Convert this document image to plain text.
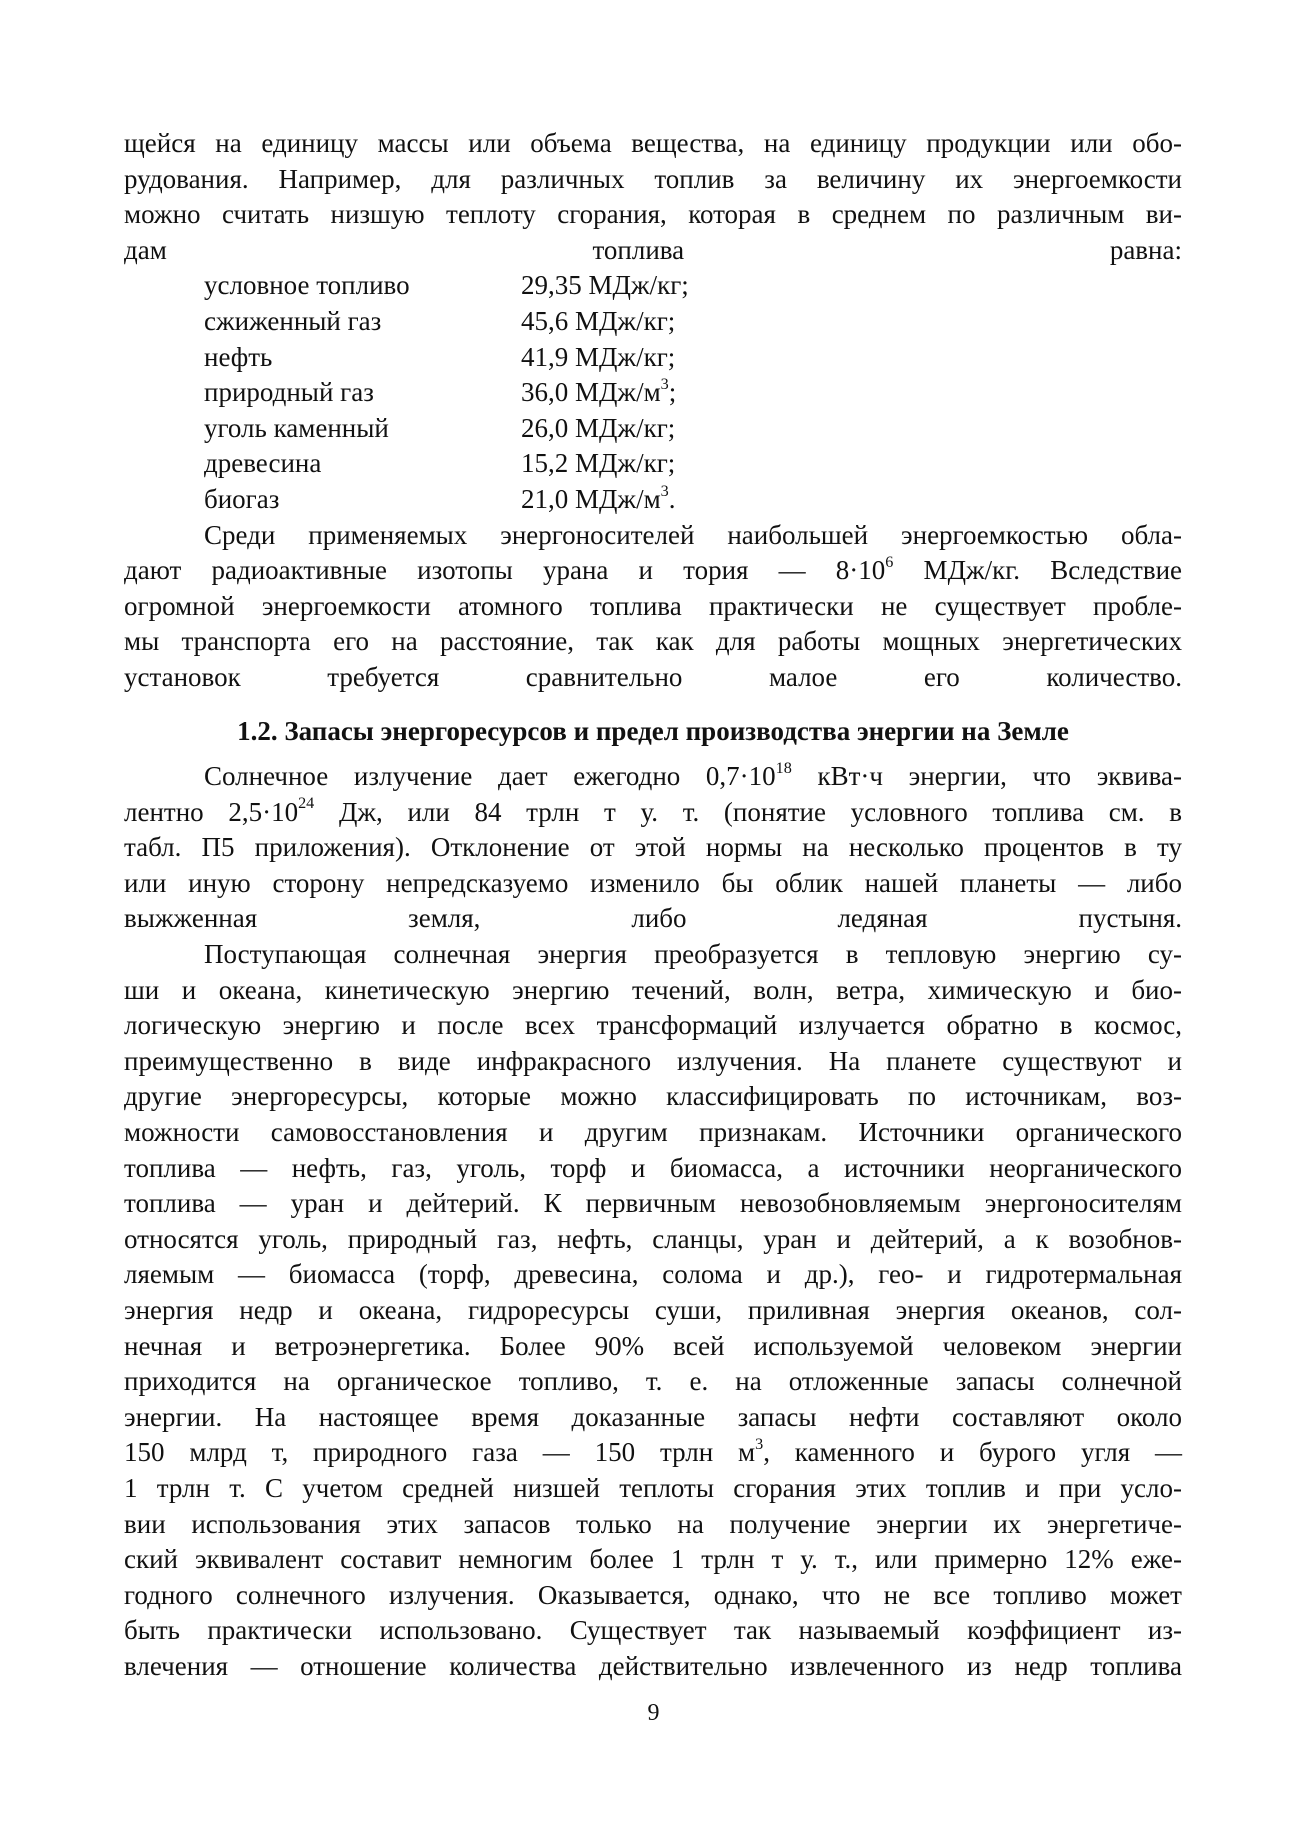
щейся на единицу массы или объема вещества, на единицу продукции или обо-
рудования. Например, для различных топлив за величину их энергоемкости
можно считать низшую теплоту сгорания, которая в среднем по различным ви-
дам топлива равна:

условное топливо	29,35 МДж/кг;
сжиженный газ	45,6 МДж/кг;
нефть	41,9 МДж/кг;
природный газ	36,0 МДж/$м^3$;
уголь каменный	26,0 МДж/кг;
древесина	15,2 МДж/кг;
биогаз	21,0 МДж/$м^3$.

Среди применяемых энергоносителей наибольшей энергоемкостью обла-
дают радиоактивные изотопы урана и тория — $8\cdot 10^6$ МДж/кг. Вследствие
огромной энергоемкости атомного топлива практически не существует пробле-
мы транспорта его на расстояние, так как для работы мощных энергетических
установок требуется сравнительно малое его количество.

1.2. Запасы энергоресурсов и предел производства энергии на Земле

Солнечное излучение дает ежегодно $0,7\cdot 10^{18}$ кВт·ч энергии, что эквива-
лентно $2,5\cdot 10^{24}$ Дж, или 84 трлн т у. т. (понятие условного топлива см. в
табл. П5 приложения). Отклонение от этой нормы на несколько процентов в ту
или иную сторону непредсказуемо изменило бы облик нашей планеты — либо
выжженная земля, либо ледяная пустыня.

Поступающая солнечная энергия преобразуется в тепловую энергию су-
ши и океана, кинетическую энергию течений, волн, ветра, химическую и био-
логическую энергию и после всех трансформаций излучается обратно в космос,
преимущественно в виде инфракрасного излучения. На планете существуют и
другие энергоресурсы, которые можно классифицировать по источникам, воз-
можности самовосстановления и другим признакам. Источники органического
топлива — нефть, газ, уголь, торф и биомасса, а источники неорганического
топлива — уран и дейтерий. К первичным невозобновляемым энергоносителям
относятся уголь, природный газ, нефть, сланцы, уран и дейтерий, а к возобнов-
ляемым — биомасса (торф, древесина, солома и др.), гео- и гидротермальная
энергия недр и океана, гидроресурсы суши, приливная энергия океанов, сол-
нечная и ветроэнергетика. Более 90% всей используемой человеком энергии
приходится на органическое топливо, т. е. на отложенные запасы солнечной
энергии. На настоящее время доказанные запасы нефти составляют около
150 млрд т, природного газа — 150 трлн $м^3$, каменного и бурого угля —
1 трлн т. С учетом средней низшей теплоты сгорания этих топлив и при усло-
вии использования этих запасов только на получение энергии их энергетиче-
ский эквивалент составит немногим более 1 трлн т у. т., или примерно 12% еже-
годного солнечного излучения. Оказывается, однако, что не все топливо может
быть практически использовано. Существует так называемый коэффициент из-
влечения — отношение количества действительно извлеченного из недр топлива

9
